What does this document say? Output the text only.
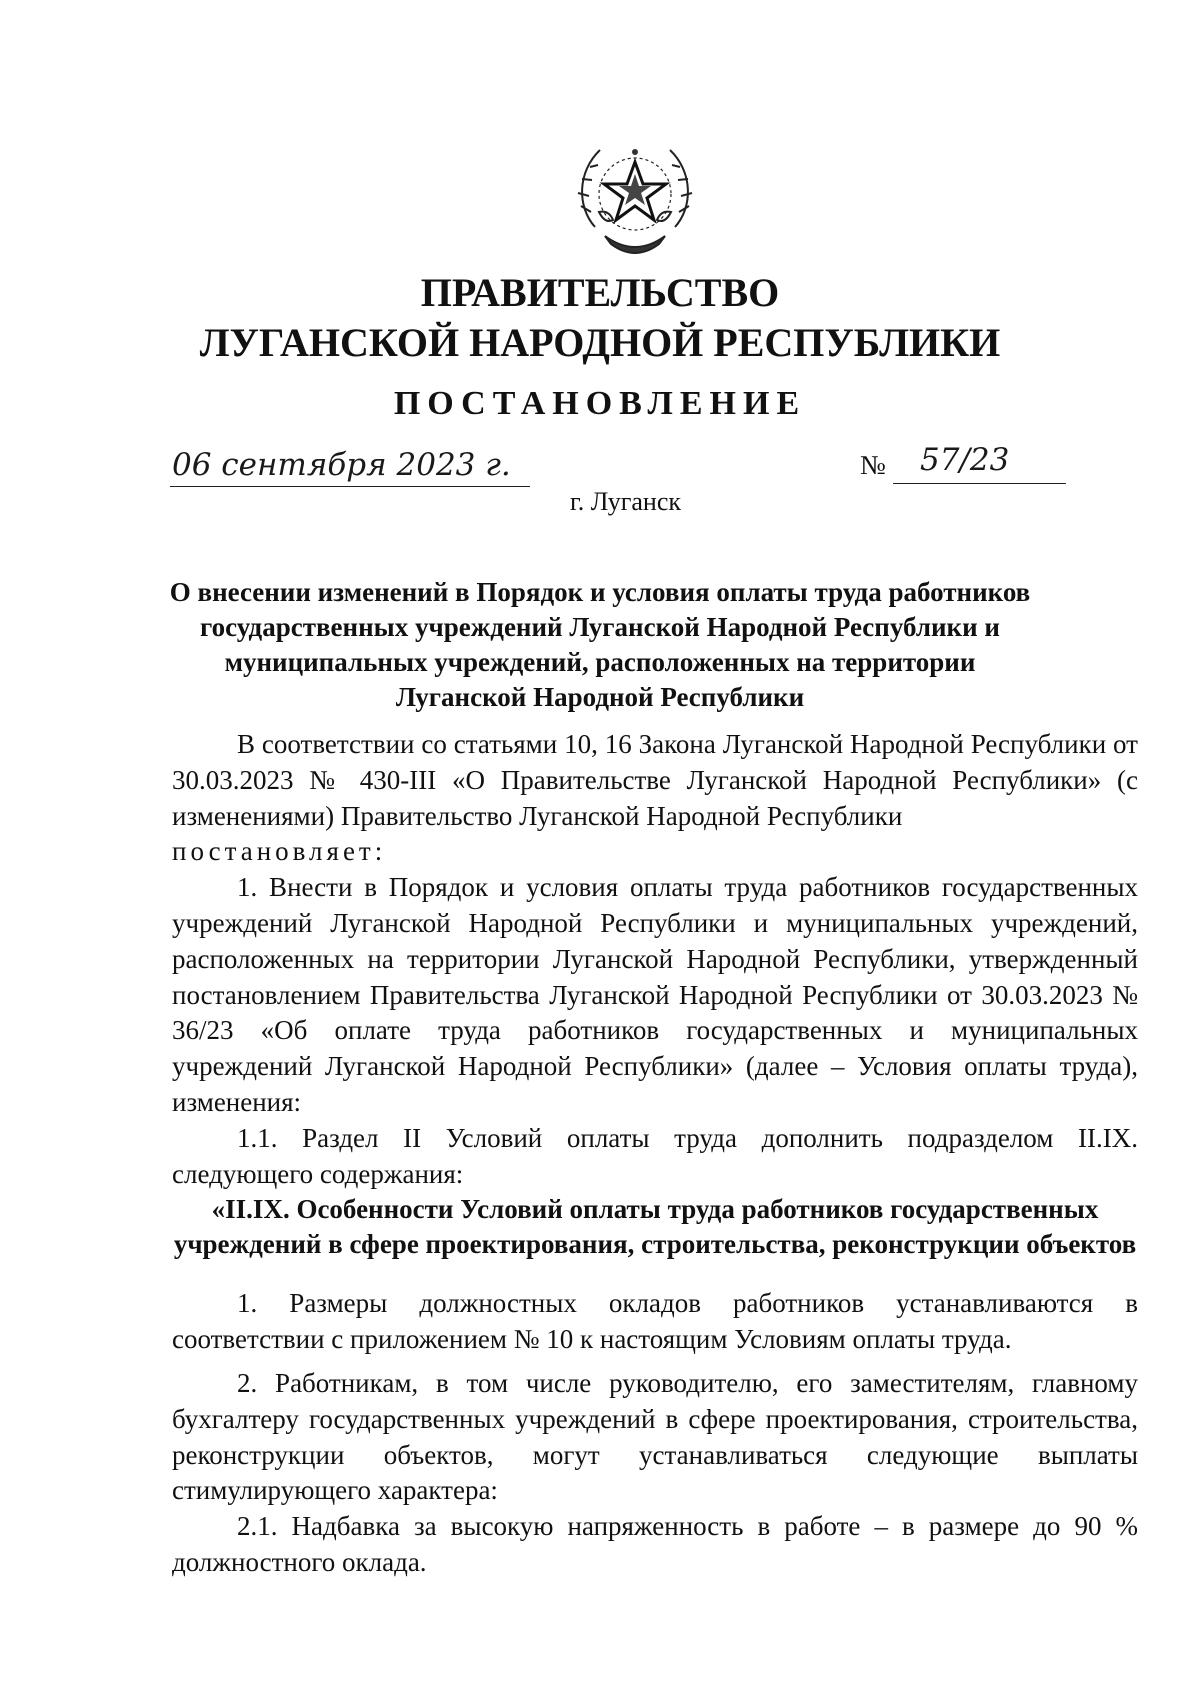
ПРАВИТЕЛЬСТВО
ЛУГАНСКОЙ НАРОДНОЙ РЕСПУБЛИКИ
ПОСТАНОВЛЕНИЕ
06 сентября 2023 г.	№ 57/23
г. Луганск
О внесении изменений в Порядок и условия оплаты труда работников государственных учреждений Луганской Народной Республики и муниципальных учреждений, расположенных на территории Луганской Народной Республики

В соответствии со статьями 10, 16 Закона Луганской Народной Республики от 30.03.2023 № 430-III «О Правительстве Луганской Народной Республики» (с изменениями) Правительство Луганской Народной Республики

постановляет:

1. Внести в Порядок и условия оплаты труда работников государственных учреждений Луганской Народной Республики и муниципальных учреждений, расположенных на территории Луганской Народной Республики, утвержденный постановлением Правительства Луганской Народной Республики от 30.03.2023 № 36/23 «Об оплате труда работников государственных и муниципальных учреждений Луганской Народной Республики» (далее – Условия оплаты труда), изменения:

1.1. Раздел II Условий оплаты труда дополнить подразделом II.IX. следующего содержания:

«II.IX. Особенности Условий оплаты труда работников государственных учреждений в сфере проектирования, строительства, реконструкции объектов

1. Размеры должностных окладов работников устанавливаются в соответствии с приложением № 10 к настоящим Условиям оплаты труда.

2. Работникам, в том числе руководителю, его заместителям, главному бухгалтеру государственных учреждений в сфере проектирования, строительства, реконструкции объектов, могут устанавливаться следующие выплаты стимулирующего характера:

2.1. Надбавка за высокую напряженность в работе – в размере до 90 % должностного оклада.
